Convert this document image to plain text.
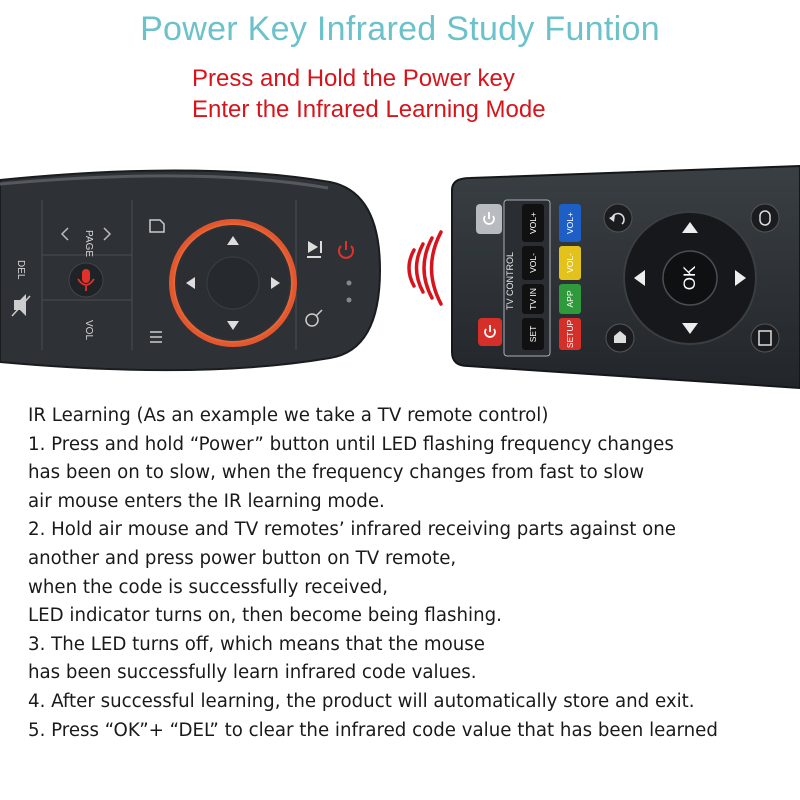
Power Key Infrared Study Funtion
Press and Hold the Power key
Enter the Infrared Learning Mode
DEL
PAGE
VOL
TV CONTROL
VOL+
VOL-
TV IN
SET
VOL+
VOL-
APP
SETUP
OK
IR Learning (As an example we take a TV remote control)
1. Press and hold “Power” button until LED flashing frequency changes
has been on to slow, when the frequency changes from fast to slow
air mouse enters the IR learning mode.
2. Hold air mouse and TV remotes’ infrared receiving parts against one
another and press power button on TV remote,
when the code is successfully received,
LED indicator turns on, then become being flashing.
3. The LED turns off, which means that the mouse
has been successfully learn infrared code values.
4. After successful learning, the product will automatically store and exit.
5. Press “OK”+ “DEL” to clear the infrared code value that has been learned
